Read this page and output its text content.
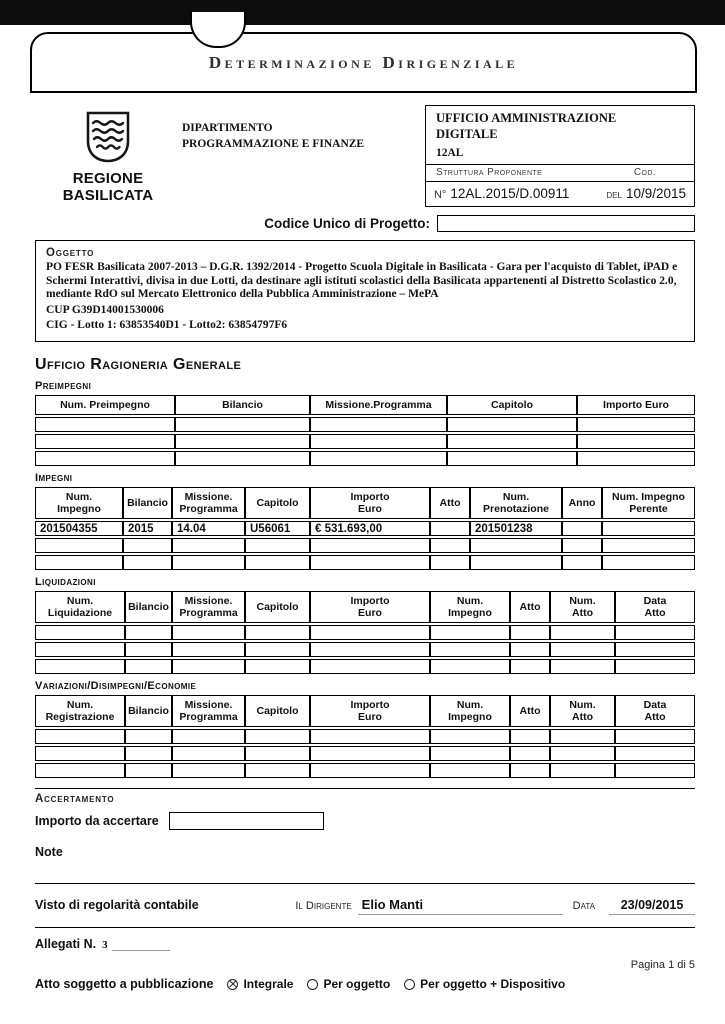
Determinazione Dirigenziale
REGIONE BASILICATA
DIPARTIMENTO PROGRAMMAZIONE E FINANZE
UFFICIO AMMINISTRAZIONE DIGITALE
12AL
Struttura Proponente	Cod.
N° 12AL.2015/D.00911	del 10/9/2015
Codice Unico di Progetto:
Oggetto
PO FESR Basilicata 2007-2013 – D.G.R. 1392/2014 - Progetto Scuola Digitale in Basilicata - Gara per l'acquisto di Tablet, iPAD e Schermi Interattivi, divisa in due Lotti, da destinare agli istituti scolastici della Basilicata appartenenti al Distretto Scolastico 2.0, mediante RdO sul Mercato Elettronico della Pubblica Amministrazione – MePA
CUP G39D14001530006
CIG - Lotto 1: 63853540D1 - Lotto2: 63854797F6
Ufficio Ragioneria Generale
Preimpegni
Num. Preimpegno	Bilancio	Missione.Programma	Capitolo	Importo Euro

Impegni
Num. Impegno	Bilancio	Missione. Programma	Capitolo	Importo Euro	Atto	Num. Prenotazione	Anno	Num. Impegno Perente
201504355	2015	14.04	U56061	€ 531.693,00		201501238		

Liquidazioni
Num. Liquidazione	Bilancio	Missione. Programma	Capitolo	Importo Euro	Num. Impegno	Atto	Num. Atto	Data Atto

Variazioni/Disimpegni/Economie
Num. Registrazione	Bilancio	Missione. Programma	Capitolo	Importo Euro	Num. Impegno	Atto	Num. Atto	Data Atto

Accertamento
Importo da accertare
Note
Visto di regolarità contabile	Il Dirigente Elio Manti	Data	23/09/2015
Allegati N. 3
Pagina 1 di 5
Atto soggetto a pubblicazione	Integrale	Per oggetto	Per oggetto + Dispositivo
